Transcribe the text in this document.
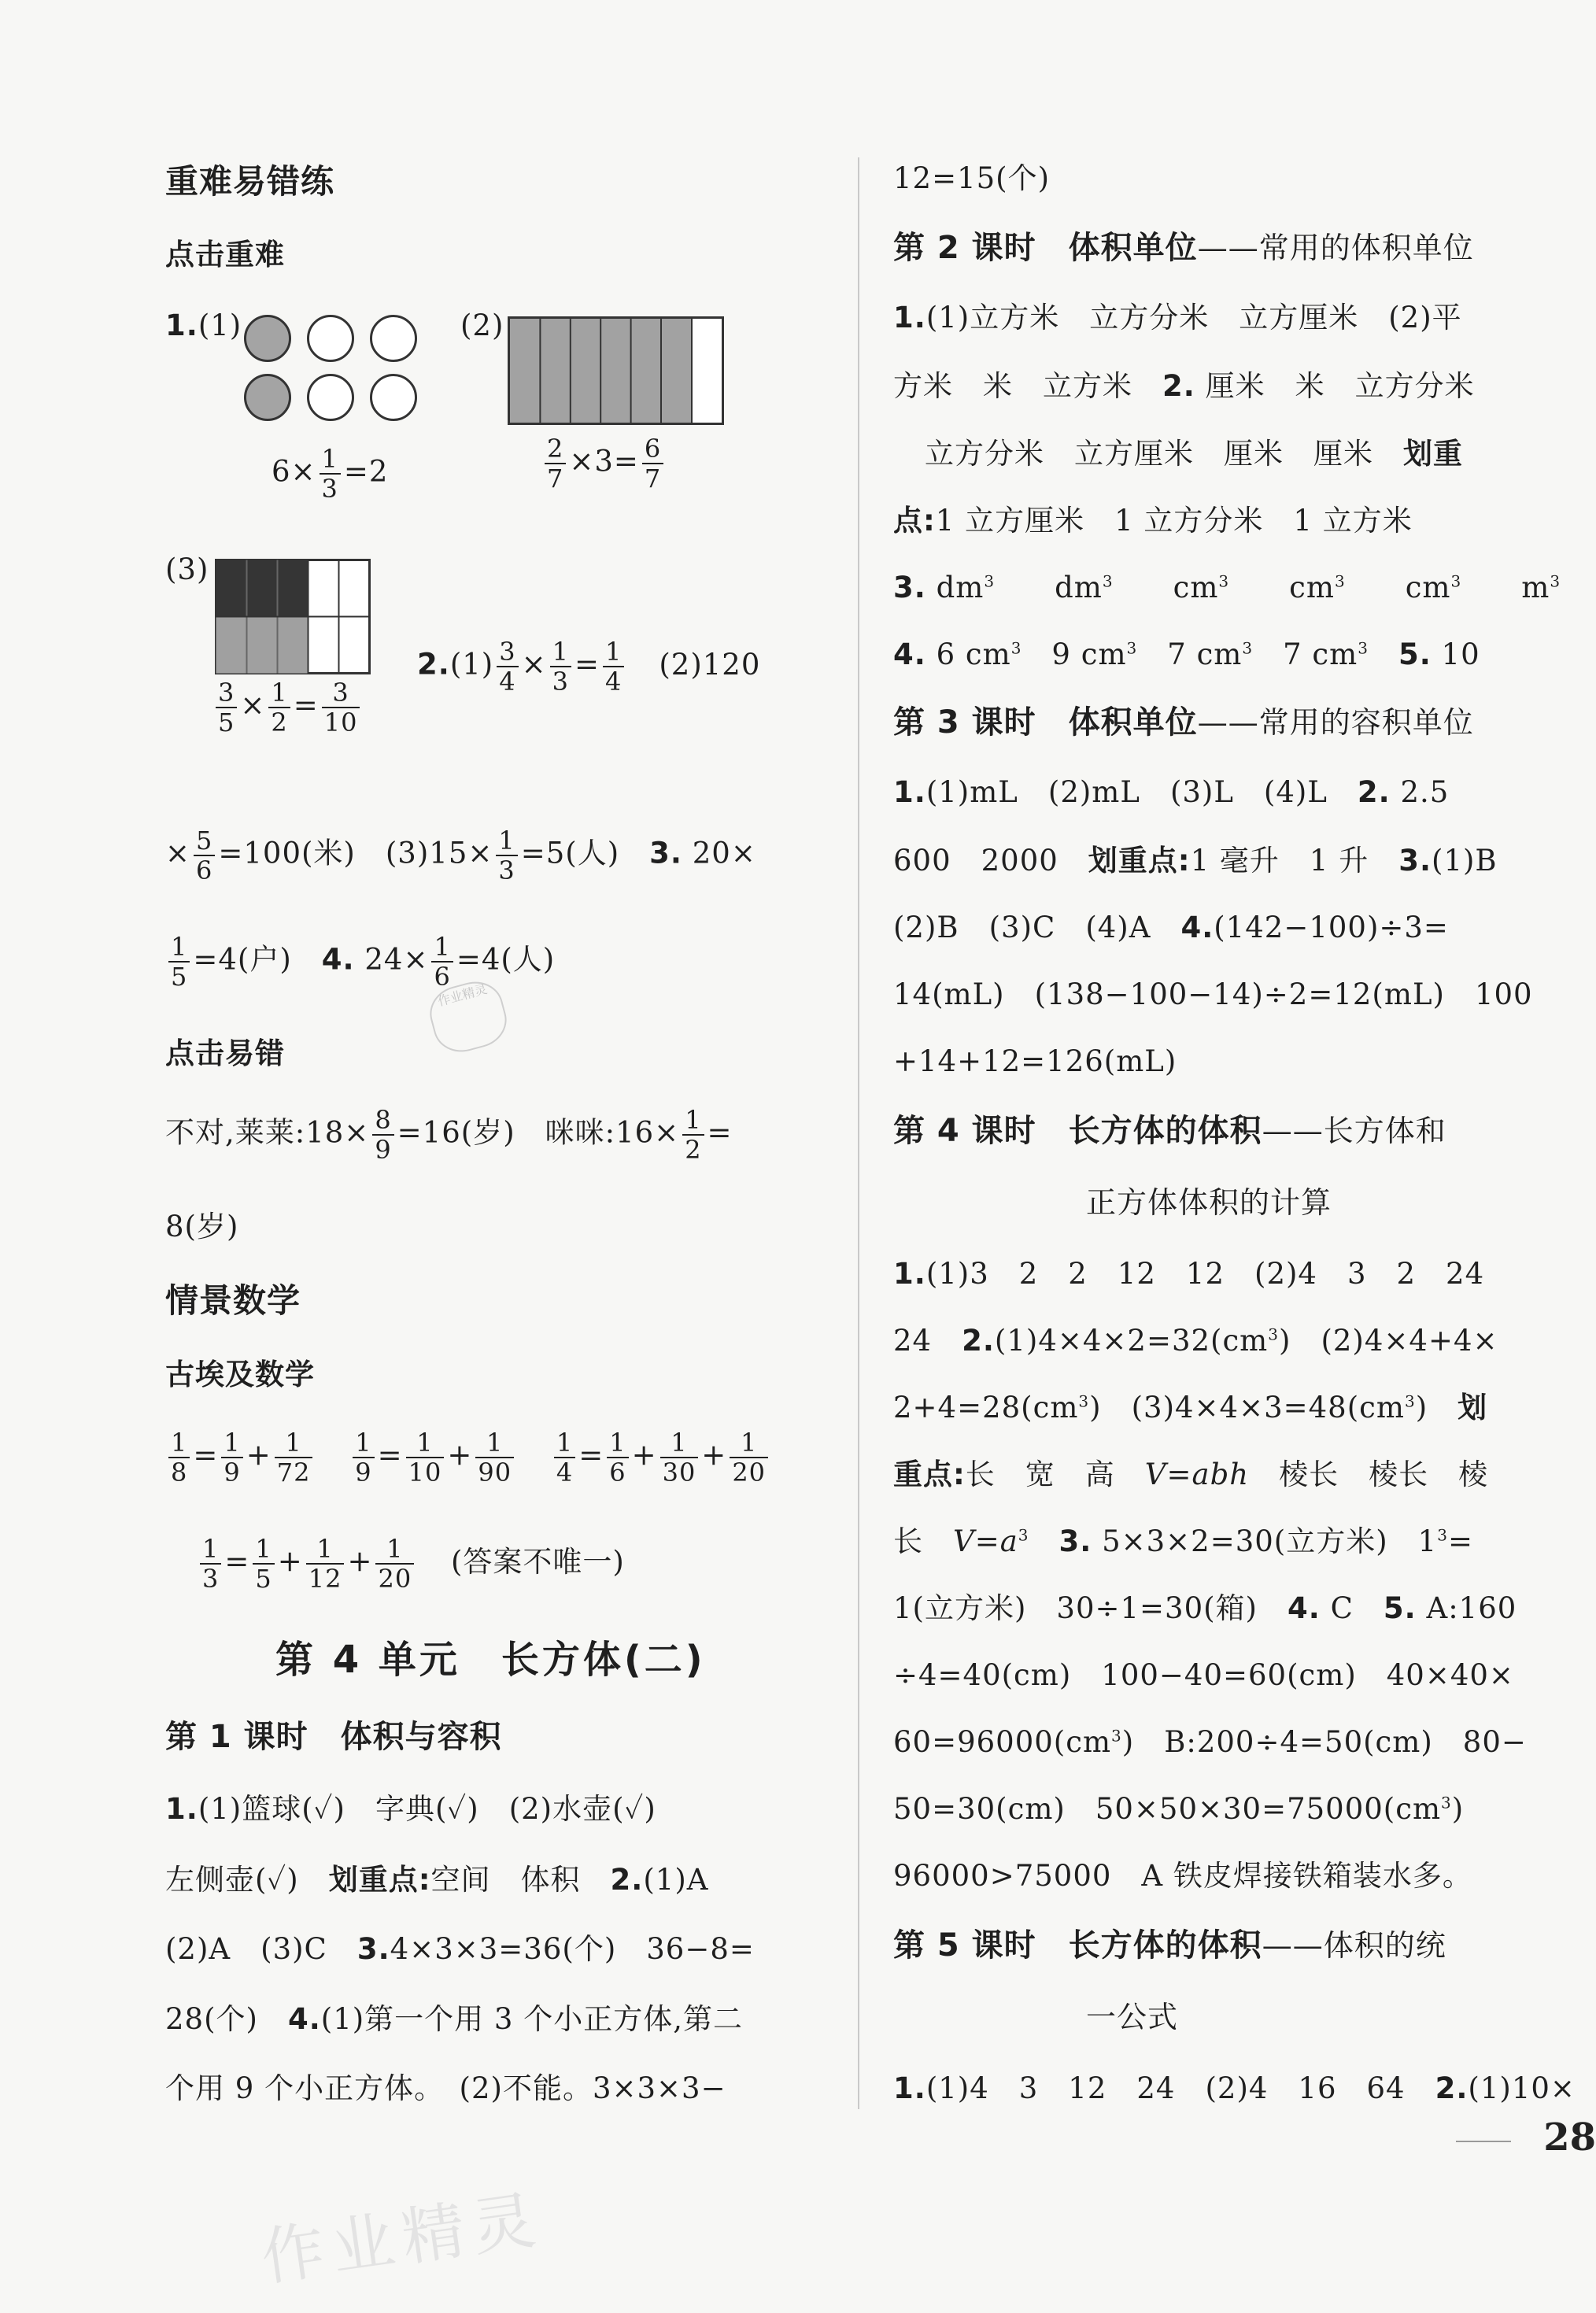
重难易错练
点击重难
1.(1)
$6\times \frac{1}{3} =2$
(2)
$\frac{2}{7} \times 3= \frac{6}{7}$
(3)
$\frac{3}{5} \times \frac{1}{2} = \frac{3}{10}$
$2.(1) \frac{3}{4} \times \frac{1}{3} = \frac{1}{4} (2)120$
× $\frac{5}{6} =100$(米)　$(3)15\times \frac{1}{3} =5$(人)　 3. 20×
$\frac{1}{5} =4$(户)　 4. $24\times \frac{1}{6} =4$(人)
点击易错
不对,莱莱:18× $\frac{8}{9} =16$(岁)　咪咪:16× $\frac{1}{2}$ =
8(岁)
情景数学
古埃及数学
$\frac{1}{8} = \frac{1}{9} + \frac{1}{72}$
$\frac{1}{9} = \frac{1}{10} + \frac{1}{90}$
$\frac{1}{4} = \frac{1}{6} + \frac{1}{30} + \frac{1}{20}$
$\frac{1}{3} = \frac{1}{5} + \frac{1}{12} + \frac{1}{20}$ (答案不唯一)
第 4 单元　长方体(二)
第 1 课时　体积与容积
1.(1)篮球(✓)　字典(✓)　(2)水壶(✓)
左侧壶(✓)　 划重点:空间　体积　 2.(1)A
(2)A　(3)C　 3.4×3×3=36(个)　36−8=
28(个)　 4.(1)第一个用 3 个小正方体,第二
个用 9 个小正方体。　(2)不能。3×3×3−
12=15(个)
第 2 课时　体积单位——常用的体积单位
1.(1)立方米　立方分米　立方厘米　(2)平
方米　米　立方米　 2. 厘米　米　立方分米
立方分米　立方厘米　厘米　厘米　 划重
点:1 立方厘米　1 立方分米　1 立方米
3. $dm^3$　　 $dm^3$　　 $cm^3$　　 $cm^3$　　 $cm^3$　　 $m^3$
4. 6 $cm^3$　 9 $cm^3$　 7 $cm^3$　 7 $cm^3$　 5. 10
第 3 课时　体积单位——常用的容积单位
1.(1)mL　(2)mL　(3)L　(4)L　 2. 2.5
600　2000　 划重点:1 毫升　1 升　 3.(1)B
(2)B　(3)C　(4)A　 4.(142−100)÷3=
14(mL)　(138−100−14)÷2=12(mL)　100
+14+12=126(mL)
第 4 课时　长方体的体积——长方体和
正方体体积的计算
1.(1)3　2　2　12　12　(2)4　3　2　24
24　 $2.(1)4\times 4\times 2=32(cm^3)$　(2)4×4+4×
$2+4=28(cm^3)$　$(3)4\times 4\times 3=48(cm^3)$　 划
重点:长　宽　高　V=abh　棱长　棱长　棱
长　$V=a^3$　 3. 5×3×2=30(立方米)　$1^3=$
1(立方米)　30÷1=30(箱)　 4. C　 5. A:160
÷4=40(cm)　100−40=60(cm)　40×40×
$60=96000(cm^3)$　B:200÷4=50(cm)　80−
50=30(cm)　$50\times 50\times 30=75000(cm^3)$
96000>75000　A 铁皮焊接铁箱装水多。
第 5 课时　长方体的体积——体积的统
一公式
1.(1)4　3　12　24　(2)4　16　64　 2.(1)10×
作业精灵
28
作业精灵
